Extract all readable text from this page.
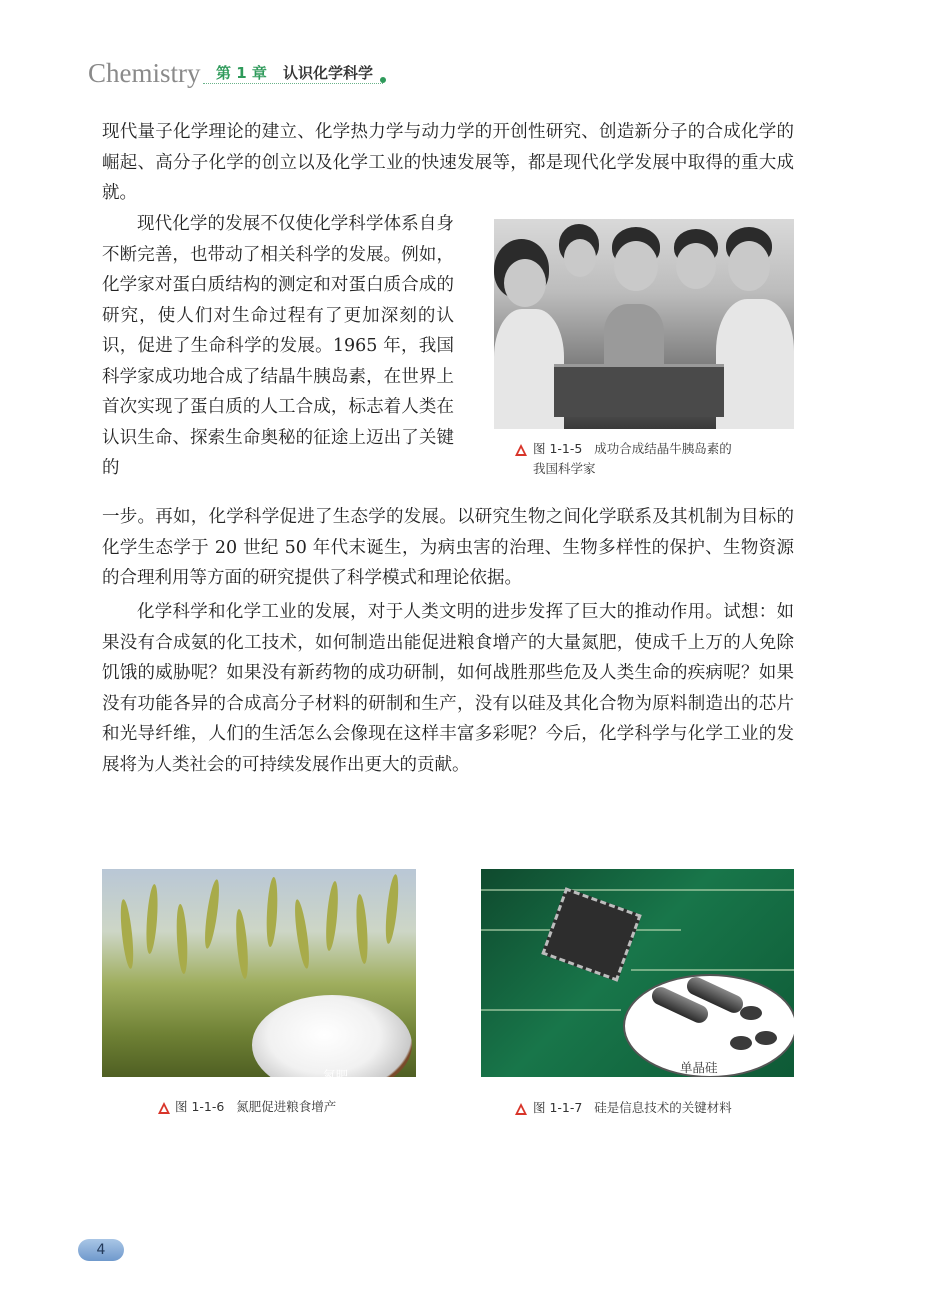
Chemistry 第 1 章 认识化学科学

现代量子化学理论的建立、化学热力学与动力学的开创性研究、创造新分子的合成化学的崛起、高分子化学的创立以及化学工业的快速发展等，都是现代化学发展中取得的重大成就。

现代化学的发展不仅使化学科学体系自身不断完善，也带动了相关科学的发展。例如，化学家对蛋白质结构的测定和对蛋白质合成的研究，使人们对生命过程有了更加深刻的认识，促进了生命科学的发展。1965 年，我国科学家成功地合成了结晶牛胰岛素，在世界上首次实现了蛋白质的人工合成，标志着人类在认识生命、探索生命奥秘的征途上迈出了关键的

一步。再如，化学科学促进了生态学的发展。以研究生物之间化学联系及其机制为目标的化学生态学于 20 世纪 50 年代末诞生，为病虫害的治理、生物多样性的保护、生物资源的合理利用等方面的研究提供了科学模式和理论依据。

化学科学和化学工业的发展，对于人类文明的进步发挥了巨大的推动作用。试想：如果没有合成氨的化工技术，如何制造出能促进粮食增产的大量氮肥，使成千上万的人免除饥饿的威胁呢？如果没有新药物的成功研制，如何战胜那些危及人类生命的疾病呢？如果没有功能各异的合成高分子材料的研制和生产，没有以硅及其化合物为原料制造出的芯片和光导纤维，人们的生活怎么会像现在这样丰富多彩呢？今后，化学科学与化学工业的发展将为人类社会的可持续发展作出更大的贡献。

图 1-1-5 成功合成结晶牛胰岛素的
我国科学家
氮肥
图 1-1-6 氮肥促进粮食增产
单晶硅
图 1-1-7 硅是信息技术的关键材料
4
